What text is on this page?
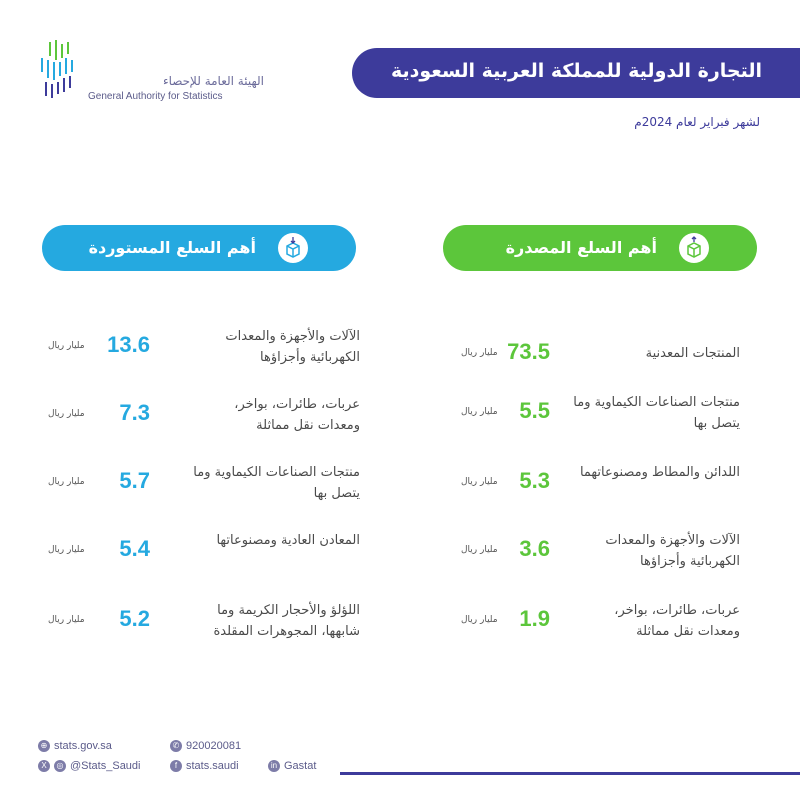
الهيئة العامة للإحصاء
General Authority for Statistics
التجارة الدولية للمملكة العربية السعودية
لشهر فبراير لعام 2024م
أهم السلع المصدرة
أهم السلع المستوردة
المنتجات المعدنية
73.5
مليار ريال
منتجات الصناعات الكيماوية وما يتصل بها
5.5
مليار ريال
اللدائن والمطاط ومصنوعاتهما
5.3
مليار ريال
الآلات والأجهزة والمعدات الكهربائية وأجزاؤها
3.6
مليار ريال
عربات، طائرات، بواخر، ومعدات نقل مماثلة
1.9
مليار ريال
الآلات والأجهزة والمعدات الكهربائية وأجزاؤها
13.6
مليار ريال
عربات، طائرات، بواخر، ومعدات نقل مماثلة
7.3
مليار ريال
منتجات الصناعات الكيماوية وما يتصل بها
5.7
مليار ريال
المعادن العادية ومصنوعاتها
5.4
مليار ريال
اللؤلؤ والأحجار الكريمة وما شابهها، المجوهرات المقلدة
5.2
مليار ريال
⊕ stats.gov.sa	✆ 920020081
X ◎ @Stats_Saudi	f stats.saudi	in Gastat
